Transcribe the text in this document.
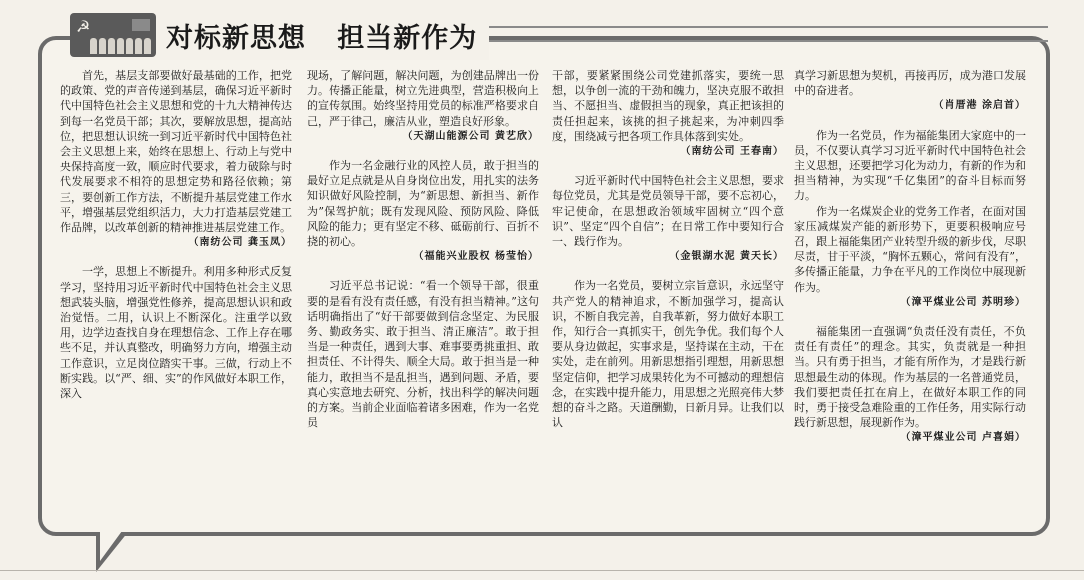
☭	对标新思想   担当新作为

首先，基层支部要做好最基础的工作，把党的政策、党的声音传递到基层，确保习近平新时代中国特色社会主义思想和党的十九大精神传达到每一名党员干部；其次，要解放思想，提高站位，把思想认识统一到习近平新时代中国特色社会主义思想上来，始终在思想上、行动上与党中央保持高度一致，顺应时代要求，着力破除与时代发展要求不相符的思想定势和路径依赖；第三，要创新工作方法，不断提升基层党建工作水平，增强基层党组织活力，大力打造基层党建工作品牌，以改革创新的精神推进基层党建工作。

（南纺公司 龚玉凤）

一学，思想上不断提升。利用多种形式反复学习，坚持用习近平新时代中国特色社会主义思想武装头脑，增强党性修养，提高思想认识和政治觉悟。二用，认识上不断深化。注重学以致用，边学边查找自身在理想信念、工作上存在哪些不足，并认真整改，明确努力方向，增强主动工作意识，立足岗位踏实干事。三做，行动上不断实践。以“严、细、实”的作风做好本职工作，深入

现场，了解问题，解决问题，为创建品牌出一份力。传播正能量，树立先进典型，营造积极向上的宣传氛围。始终坚持用党员的标准严格要求自己，严于律己，廉洁从业，塑造良好形象。

（天湖山能源公司 黄艺欣）

作为一名金融行业的风控人员，敢于担当的最好立足点就是从自身岗位出发，用扎实的法务知识做好风险控制，为“新思想、新担当、新作为”保驾护航；既有发现风险、预防风险、降低风险的能力；更有坚定不移、砥砺前行、百折不挠的初心。

（福能兴业股权 杨莹怡）

习近平总书记说：“看一个领导干部，很重要的是看有没有责任感，有没有担当精神。”这句话明确指出了“好干部要做到信念坚定、为民服务、勤政务实、敢于担当、清正廉洁”。敢于担当是一种责任，遇到大事、难事要勇挑重担、敢担责任、不计得失、顺全大局。敢于担当是一种能力，敢担当不是乱担当，遇到问题、矛盾，要真心实意地去研究、分析，找出科学的解决问题的方案。当前企业面临着诸多困难，作为一名党员

干部，要紧紧围绕公司党建抓落实，要统一思想，以争创一流的干劲和魄力，坚决克服不敢担当、不愿担当、虚假担当的现象，真正把该担的责任担起来，该挑的担子挑起来，为冲刺四季度，围绕减亏把各项工作具体落到实处。

（南纺公司 王春南）

习近平新时代中国特色社会主义思想，要求每位党员，尤其是党员领导干部，要不忘初心，牢记使命，在思想政治领域牢固树立“四个意识”、坚定“四个自信”；在日常工作中要知行合一、践行作为。

（金银湖水泥 黄天长）

作为一名党员，要树立宗旨意识，永远坚守共产党人的精神追求，不断加强学习，提高认识，不断自我完善，自我革新，努力做好本职工作，知行合一真抓实干，创先争优。我们每个人要从身边做起，实事求是，坚持谋在主动，干在实处，走在前列。用新思想指引理想，用新思想坚定信仰，把学习成果转化为不可撼动的理想信念，在实践中提升能力，用思想之光照亮伟大梦想的奋斗之路。天道酬勤，日新月异。让我们以认

真学习新思想为契机，再接再厉，成为港口发展中的奋进者。

（肖厝港 涂启首）

作为一名党员，作为福能集团大家庭中的一员，不仅要认真学习习近平新时代中国特色社会主义思想，还要把学习化为动力，有新的作为和担当精神，为实现“千亿集团”的奋斗目标而努力。

作为一名煤炭企业的党务工作者，在面对国家压减煤炭产能的新形势下，更要积极响应号召，跟上福能集团产业转型升级的新步伐，尽职尽责，甘于平淡，“胸怀五颗心，常问有没有”，多传播正能量，力争在平凡的工作岗位中展现新作为。

（漳平煤业公司 苏明珍）

福能集团一直强调“负责任没有责任，不负责任有责任”的理念。其实，负责就是一种担当。只有勇于担当，才能有所作为，才是践行新思想最生动的体现。作为基层的一名普通党员，我们要把责任扛在肩上，在做好本职工作的同时，勇于接受急难险重的工作任务，用实际行动践行新思想，展现新作为。

（漳平煤业公司 卢喜娟）
